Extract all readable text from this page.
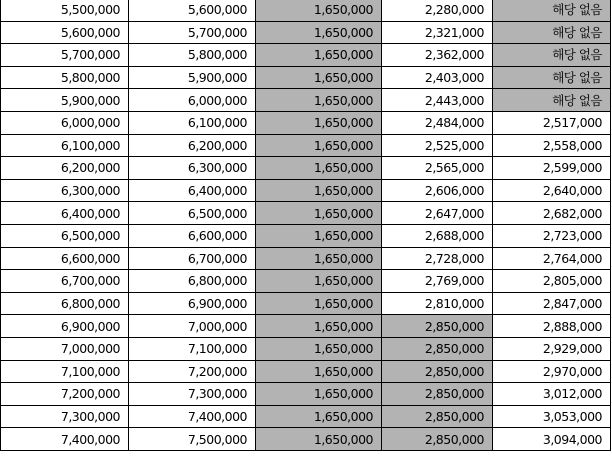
5,500,000	5,600,000	1,650,000	2,280,000	해당 없음
5,600,000	5,700,000	1,650,000	2,321,000	해당 없음
5,700,000	5,800,000	1,650,000	2,362,000	해당 없음
5,800,000	5,900,000	1,650,000	2,403,000	해당 없음
5,900,000	6,000,000	1,650,000	2,443,000	해당 없음
6,000,000	6,100,000	1,650,000	2,484,000	2,517,000
6,100,000	6,200,000	1,650,000	2,525,000	2,558,000
6,200,000	6,300,000	1,650,000	2,565,000	2,599,000
6,300,000	6,400,000	1,650,000	2,606,000	2,640,000
6,400,000	6,500,000	1,650,000	2,647,000	2,682,000
6,500,000	6,600,000	1,650,000	2,688,000	2,723,000
6,600,000	6,700,000	1,650,000	2,728,000	2,764,000
6,700,000	6,800,000	1,650,000	2,769,000	2,805,000
6,800,000	6,900,000	1,650,000	2,810,000	2,847,000
6,900,000	7,000,000	1,650,000	2,850,000	2,888,000
7,000,000	7,100,000	1,650,000	2,850,000	2,929,000
7,100,000	7,200,000	1,650,000	2,850,000	2,970,000
7,200,000	7,300,000	1,650,000	2,850,000	3,012,000
7,300,000	7,400,000	1,650,000	2,850,000	3,053,000
7,400,000	7,500,000	1,650,000	2,850,000	3,094,000
